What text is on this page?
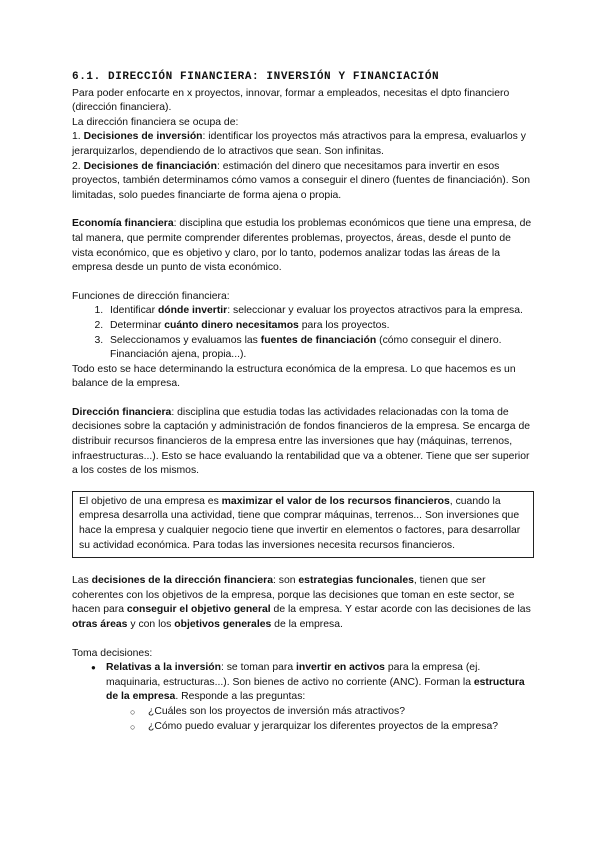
6.1. DIRECCIÓN FINANCIERA: INVERSIÓN Y FINANCIACIÓN

Para poder enfocarte en x proyectos, innovar, formar a empleados, necesitas el dpto financiero (dirección financiera).

La dirección financiera se ocupa de:

1. Decisiones de inversión: identificar los proyectos más atractivos para la empresa, evaluarlos y jerarquizarlos, dependiendo de lo atractivos que sean. Son infinitas.

2. Decisiones de financiación: estimación del dinero que necesitamos para invertir en esos proyectos, también determinamos cómo vamos a conseguir el dinero (fuentes de financiación). Son limitadas, solo puedes financiarte de forma ajena o propia.

Economía financiera: disciplina que estudia los problemas económicos que tiene una empresa, de tal manera, que permite comprender diferentes problemas, proyectos, áreas, desde el punto de vista económico, que es objetivo y claro, por lo tanto, podemos analizar todas las áreas de la empresa desde un punto de vista económico.

Funciones de dirección financiera:

1. Identificar dónde invertir: seleccionar y evaluar los proyectos atractivos para la empresa.
2. Determinar cuánto dinero necesitamos para los proyectos.
3. Seleccionamos y evaluamos las fuentes de financiación (cómo conseguir el dinero. Financiación ajena, propia...).

Todo esto se hace determinando la estructura económica de la empresa. Lo que hacemos es un balance de la empresa.

Dirección financiera: disciplina que estudia todas las actividades relacionadas con la toma de decisiones sobre la captación y administración de fondos financieros de la empresa. Se encarga de distribuir recursos financieros de la empresa entre las inversiones que hay (máquinas, terrenos, infraestructuras...). Esto se hace evaluando la rentabilidad que va a obtener. Tiene que ser superior a los costes de los mismos.

El objetivo de una empresa es maximizar el valor de los recursos financieros, cuando la empresa desarrolla una actividad, tiene que comprar máquinas, terrenos... Son inversiones que hace la empresa y cualquier negocio tiene que invertir en elementos o factores, para desarrollar su actividad económica. Para todas las inversiones necesita recursos financieros.

Las decisiones de la dirección financiera: son estrategias funcionales, tienen que ser coherentes con los objetivos de la empresa, porque las decisiones que toman en este sector, se hacen para conseguir el objetivo general de la empresa. Y estar acorde con las decisiones de las otras áreas y con los objetivos generales de la empresa.

Toma decisiones:

● Relativas a la inversión: se toman para invertir en activos para la empresa (ej. maquinaria, estructuras...). Son bienes de activo no corriente (ANC). Forman la estructura de la empresa. Responde a las preguntas:
○ ¿Cuáles son los proyectos de inversión más atractivos?
○ ¿Cómo puedo evaluar y jerarquizar los diferentes proyectos de la empresa?
